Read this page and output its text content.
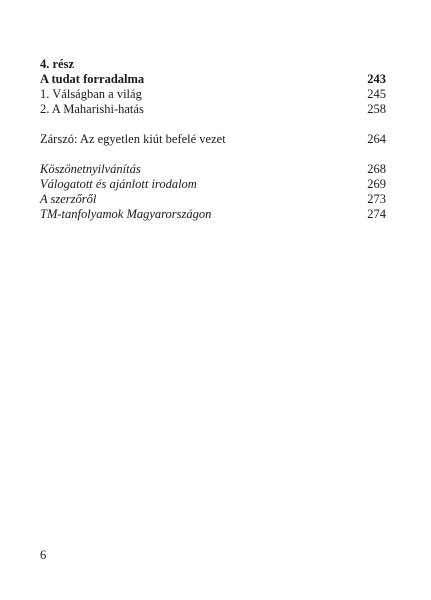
4. rész
A tudat forradalma	243
1. Válságban a világ	245
2. A Maharishi-hatás	258
Zárszó: Az egyetlen kiút befelé vezet	264
Köszönetnyilvánítás	268
Válogatott és ajánlott irodalom	269
A szerzőről	273
TM-tanfolyamok Magyarországon	274
6
